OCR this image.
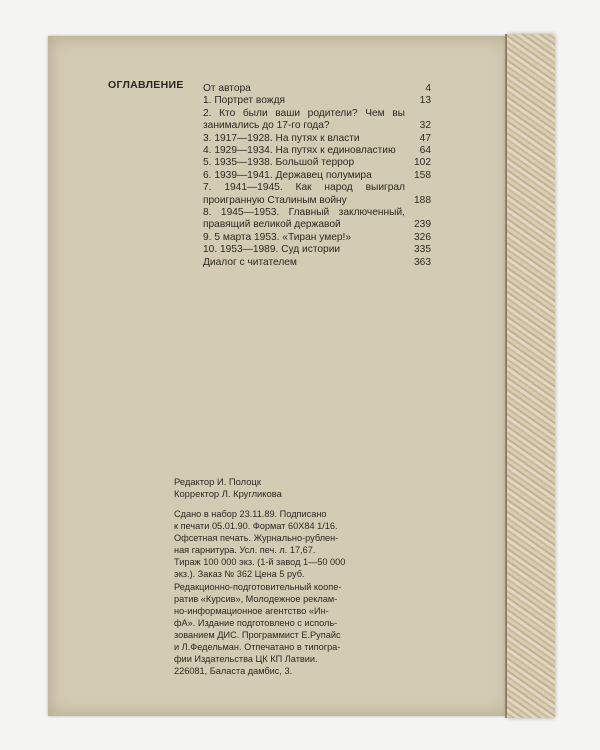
ОГЛАВЛЕНИЕ От автора	4
1. Портрет вождя	13
2. Кто были ваши родители? Чем вы занимались до 17-го года?	32
3. 1917—1928. На путях к власти	47
4. 1929—1934. На путях к единовластию	64
5. 1935—1938. Большой террор	102
6. 1939—1941. Державец полумира	158
7. 1941—1945. Как народ выиграл проигранную Сталиным войну	188
8. 1945—1953. Главный заключенный, правящий великой державой	239
9. 5 марта 1953. «Тиран умер!»	326
10. 1953—1989. Суд истории	335
Диалог с читателем	363
Редактор И. Полоцк
Корректор Л. Кругликова
Сдано в набор 23.11.89. Подписано
к печати 05.01.90. Формат 60Х84 1/16.
Офсетная печать. Журнально-рублен-
ная гарнитура. Усл. печ. л. 17,67.
Тираж 100 000 экз. (1-й завод 1—50 000
экз.). Заказ № 362 Цена 5 руб.
Редакционно-подготовительный коопе-
ратив «Курсив», Молодежное реклам-
но-информационное агентство «Ин-
фА». Издание подготовлено с исполь-
зованием ДИС. Программист Е.Рупайс
и Л.Федельман. Отпечатано в типогра-
фии Издательства ЦК КП Латвии.
226081, Баласта дамбис, 3.
